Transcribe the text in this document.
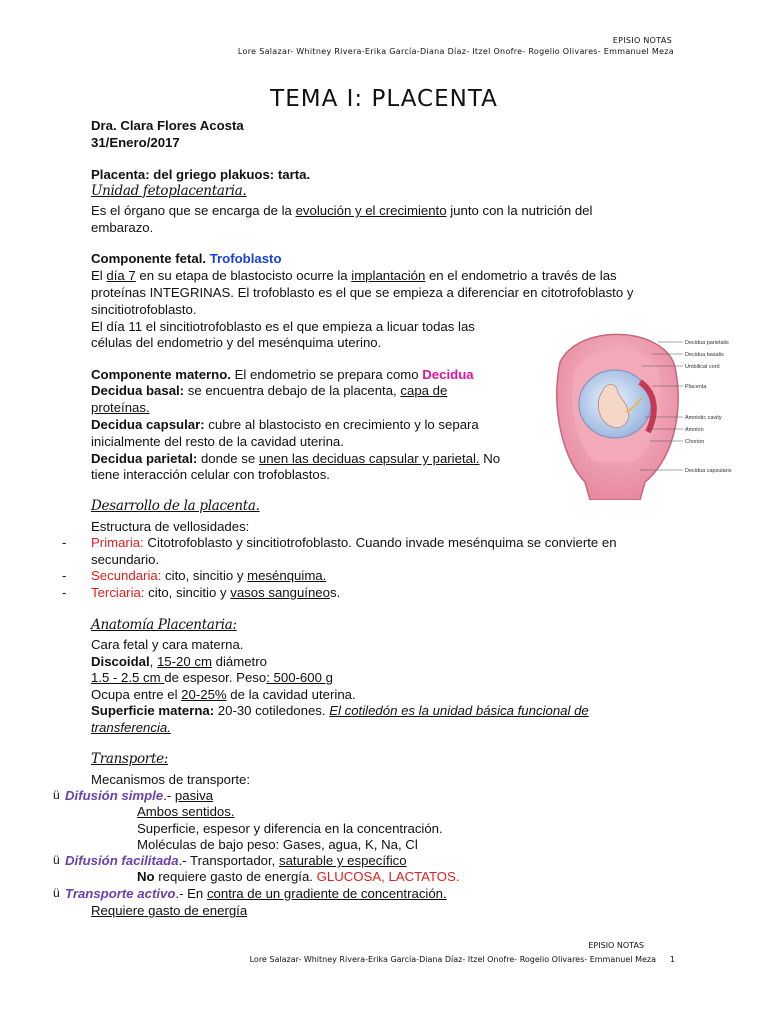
EPISIO NOTAS
Lore Salazar- Whitney Rivera-Erika García-Diana Díaz- Itzel Onofre- Rogelio Olivares- Emmanuel Meza
TEMA I: PLACENTA
Dra. Clara Flores Acosta
31/Enero/2017
Placenta: del griego plakuos: tarta.
Unidad fetoplacentaria.
Es el órgano que se encarga de la evolución y el crecimiento junto con la nutrición del
embarazo.
Componente fetal. Trofoblasto
El día 7 en su etapa de blastocisto ocurre la implantación en el endometrio a través de las
proteínas INTEGRINAS. El trofoblasto es el que se empieza a diferenciar en citotrofoblasto y
sincitiotrofoblasto.
El día 11 el sincitiotrofoblasto es el que empieza a licuar todas las
células del endometrio y del mesénquima uterino.
Componente materno. El endometrio se prepara como Decidua
Decidua basal: se encuentra debajo de la placenta, capa de
proteínas.
Decidua capsular: cubre al blastocisto en crecimiento y lo separa
inicialmente del resto de la cavidad uterina.
Decidua parietal: donde se unen las deciduas capsular y parietal. No
tiene interacción celular con trofoblastos.
Decidua parietalis
Decidua basalis
Umbilical cord
Placenta
Amniotic cavity
Amnion
Chorion
Decidua capsularis
Desarrollo de la placenta.
Estructura de vellosidades:
- Primaria: Citotrofoblasto y sincitiotrofoblasto. Cuando invade mesénquima se convierte en
secundario.
- Secundaria: cito, sincitio y mesénquima.
- Terciaria: cito, sincitio y vasos sanguíneos.
Anatomía Placentaria:
Cara fetal y cara materna.
Discoidal, 15-20 cm diámetro
1.5 - 2.5 cm de espesor. Peso: 500-600 g
Ocupa entre el 20-25% de la cavidad uterina.
Superficie materna: 20-30 cotiledones. El cotiledón es la unidad básica funcional de
transferencia.
Transporte:
Mecanismos de transporte:
ü Difusión simple.- pasiva
Ambos sentidos.
Superficie, espesor y diferencia en la concentración.
Moléculas de bajo peso: Gases, agua, K, Na, Cl
ü Difusión facilitada.- Transportador, saturable y específico
No requiere gasto de energía. GLUCOSA, LACTATOS.
ü Transporte activo.- En contra de un gradiente de concentración.
Requiere gasto de energía
EPISIO NOTAS
Lore Salazar- Whitney Rivera-Erika García-Diana Díaz- Itzel Onofre- Rogelio Olivares- Emmanuel Meza 1
